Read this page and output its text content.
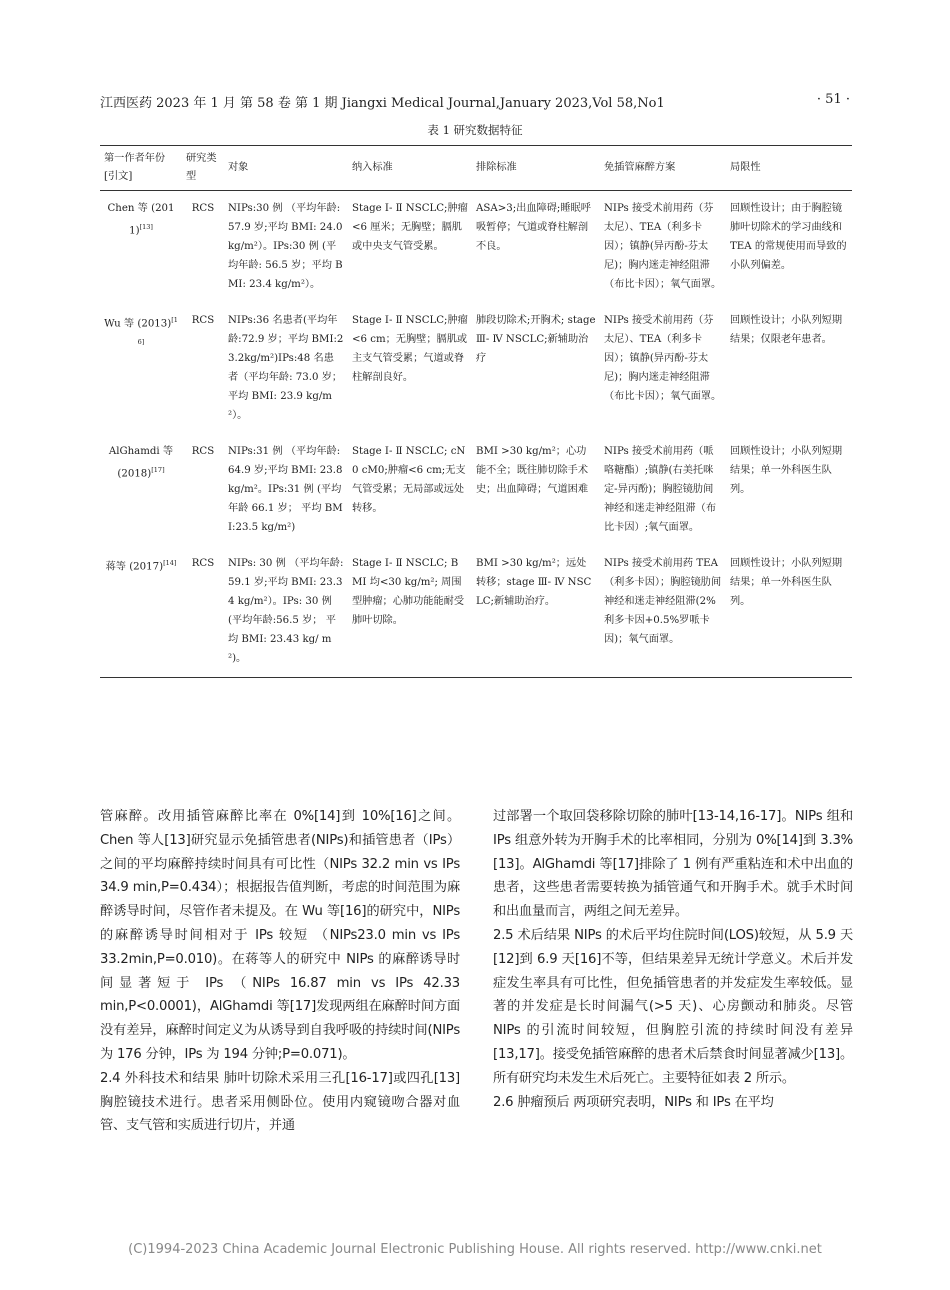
江西医药 2023 年 1 月 第 58 卷 第 1 期 Jiangxi Medical Journal,January 2023,Vol 58,No1	· 51 ·
表 1 研究数据特征
第一作者年份[引文]	研究类型	对象	纳入标准	排除标准	免插管麻醉方案	局限性
Chen 等 (2011)[13]	RCS	NIPs:30 例 （平均年龄:57.9 岁;平均 BMI: 24.0 kg/m²）。IPs:30 例 (平均年龄: 56.5 岁；平均 BMI: 23.4 kg/m²）。	Stage Ⅰ- Ⅱ NSCLC;肿瘤<6 厘米；无胸壁；膈肌或中央支气管受累。	ASA>3;出血障碍;睡眠呼吸暂停；气道或脊柱解剖不良。	NIPs 接受术前用药（芬太尼）、TEA（利多卡因）；镇静(异丙酚-芬太尼)；胸内迷走神经阻滞（布比卡因）；氧气面罩。	回顾性设计；由于胸腔镜肺叶切除术的学习曲线和 TEA 的常规使用而导致的小队列偏差。
Wu 等 (2013)[16]	RCS	NIPs:36 名患者(平均年龄:72.9 岁；平均 BMI:23.2kg/m²)IPs:48 名患者（平均年龄: 73.0 岁；平均 BMI: 23.9 kg/m²）。	Stage Ⅰ- Ⅱ NSCLC;肿瘤<6 cm；无胸壁；膈肌或主支气管受累；气道或脊柱解剖良好。	肺段切除术;开胸术; stage Ⅲ- Ⅳ NSCLC;新辅助治疗	NIPs 接受术前用药（芬太尼）、TEA（利多卡因）；镇静(异丙酚-芬太尼)；胸内迷走神经阻滞（布比卡因）；氧气面罩。	回顾性设计；小队列短期结果；仅限老年患者。
AlGhamdi 等 (2018)[17]	RCS	NIPs:31 例 （平均年龄:64.9 岁;平均 BMI: 23.8 kg/m²。IPs:31 例 (平均年龄 66.1 岁； 平均 BMI:23.5 kg/m²)	Stage Ⅰ- Ⅱ NSCLC; cN0 cM0;肿瘤<6 cm;无支气管受累；无局部或远处转移。	BMI >30 kg/m²；心功能不全；既往肺切除手术史；出血障碍；气道困难	NIPs 接受术前用药（哌咯糖酯）;镇静(右美托咪定-异丙酚)；胸腔镜肋间神经和迷走神经阻滞（布比卡因）;氧气面罩。	回顾性设计；小队列短期结果；单一外科医生队列。
蒋等 (2017)[14]	RCS	NIPs: 30 例 （平均年龄:59.1 岁;平均 BMI: 23.34 kg/m²）。IPs: 30 例 (平均年龄:56.5 岁； 平均 BMI: 23.43 kg/ m²)。	Stage Ⅰ- Ⅱ NSCLC; BMI 均<30 kg/m²; 周围型肿瘤；心肺功能能耐受肺叶切除。	BMI >30 kg/m²；远处转移；stage Ⅲ- Ⅳ NSCLC;新辅助治疗。	NIPs 接受术前用药 TEA（利多卡因）；胸腔镜肋间神经和迷走神经阻滞(2% 利多卡因+0.5%罗哌卡因)；氧气面罩。	回顾性设计；小队列短期结果；单一外科医生队列。

管麻醉。改用插管麻醉比率在 0%[14]到 10%[16]之间。Chen 等人[13]研究显示免插管患者(NIPs)和插管患者（IPs）之间的平均麻醉持续时间具有可比性（NIPs 32.2 min vs IPs 34.9 min,P=0.434）；根据报告值判断，考虑的时间范围为麻醉诱导时间，尽管作者未提及。在 Wu 等[16]的研究中，NIPs 的麻醉诱导时间相对于 IPs 较短 （NIPs23.0 min vs IPs 33.2min,P=0.010)。在蒋等人的研究中 NIPs 的麻醉诱导时间显著短于 IPs （NIPs 16.87 min vs IPs 42.33 min,P<0.0001)，AlGhamdi 等[17]发现两组在麻醉时间方面没有差异，麻醉时间定义为从诱导到自我呼吸的持续时间(NIPs 为 176 分钟，IPs 为 194 分钟;P=0.071)。

2.4 外科技术和结果 肺叶切除术采用三孔[16-17]或四孔[13]胸腔镜技术进行。患者采用侧卧位。使用内窥镜吻合器对血管、支气管和实质进行切片，并通

过部署一个取回袋移除切除的肺叶[13-14,16-17]。NIPs 组和 IPs 组意外转为开胸手术的比率相同，分别为 0%[14]到 3.3%[13]。AlGhamdi 等[17]排除了 1 例有严重粘连和术中出血的患者，这些患者需要转换为插管通气和开胸手术。就手术时间和出血量而言，两组之间无差异。

2.5 术后结果 NIPs 的术后平均住院时间(LOS)较短，从 5.9 天[12]到 6.9 天[16]不等，但结果差异无统计学意义。术后并发症发生率具有可比性，但免插管患者的并发症发生率较低。显著的并发症是长时间漏气(>5 天)、心房颤动和肺炎。尽管 NIPs 的引流时间较短，但胸腔引流的持续时间没有差异[13,17]。接受免插管麻醉的患者术后禁食时间显著减少[13]。所有研究均未发生术后死亡。主要特征如表 2 所示。

2.6 肿瘤预后 两项研究表明，NIPs 和 IPs 在平均

(C)1994-2023 China Academic Journal Electronic Publishing House. All rights reserved. http://www.cnki.net
